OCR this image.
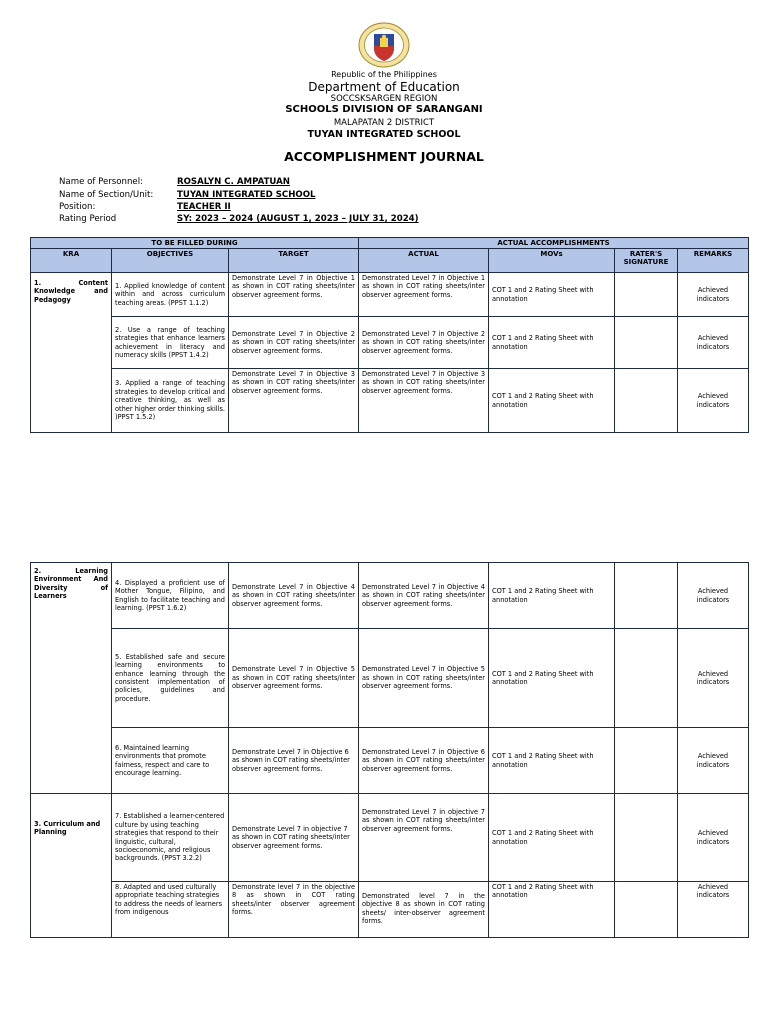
Republic of the Philippines
Department of Education
SOCCSKSARGEN REGION
SCHOOLS DIVISION OF SARANGANI
MALAPATAN 2 DISTRICT
TUYAN INTEGRATED SCHOOL
ACCOMPLISHMENT JOURNAL
Name of Personnel:	ROSALYN C. AMPATUAN
Name of Section/Unit:	TUYAN INTEGRATED SCHOOL
Position:	TEACHER II
Rating Period	SY: 2023 – 2024 (AUGUST 1, 2023 – JULY 31, 2024)
TO BE FILLED DURING			ACTUAL ACCOMPLISHMENTS			
KRA	OBJECTIVES	TARGET	ACTUAL	MOVs	RATER'S SIGNATURE	REMARKS
1. Content Knowledge and Pedagogy	1. Applied knowledge of content within and across curriculum teaching areas. (PPST 1.1.2)	Demonstrate Level 7 in Objective 1 as shown in COT rating sheets/inter observer agreement forms.	Demonstrated Level 7 in Objective 1 as shown in COT rating sheets/inter observer agreement forms.	COT 1 and 2 Rating Sheet with annotation		Achieved indicators
	2. Use a range of teaching strategies that enhance learners achievement in literacy and numeracy skills (PPST 1.4.2)	Demonstrate Level 7 in Objective 2 as shown in COT rating sheets/inter observer agreement forms.	Demonstrated Level 7 in Objective 2 as shown in COT rating sheets/inter observer agreement forms.	COT 1 and 2 Rating Sheet with annotation		Achieved indicators
	3. Applied a range of teaching strategies to develop critical and creative thinking, as well as other higher order thinking skills. )PPST 1.5.2)	Demonstrate Level 7 in Objective 3 as shown in COT rating sheets/inter observer agreement forms.	Demonstrated Level 7 in Objective 3 as shown in COT rating sheets/inter observer agreement forms.	COT 1 and 2 Rating Sheet with annotation		Achieved indicators
2. Learning Environment And Diversity of Learners	4. Displayed a proficient use of Mother Tongue, Filipino, and English to facilitate teaching and learning. (PPST 1.6.2)	Demonstrate Level 7 in Objective 4 as shown in COT rating sheets/inter observer agreement forms.	Demonstrated Level 7 in Objective 4 as shown in COT rating sheets/inter observer agreement forms.	COT 1 and 2 Rating Sheet with annotation		Achieved indicators
	5. Established safe and secure learning environments to enhance learning through the consistent implementation of policies, guidelines and procedure.	Demonstrate Level 7 in Objective 5 as shown in COT rating sheets/inter observer agreement forms.	Demonstrated Level 7 in Objective 5 as shown in COT rating sheets/inter observer agreement forms.	COT 1 and 2 Rating Sheet with annotation		Achieved indicators
	6. Maintained learning environments that promote fairness, respect and care to encourage learning.	Demonstrate Level 7 in Objective 6 as shown in COT rating sheets/inter observer agreement forms.	Demonstrated Level 7 in Objective 6 as shown in COT rating sheets/inter observer agreement forms.	COT 1 and 2 Rating Sheet with annotation		Achieved indicators
3. Curriculum and Planning	7. Established a learner-centered culture by using teaching strategies that respond to their linguistic, cultural, socioeconomic, and religious backgrounds. (PPST 3.2.2)	Demonstrate Level 7 in objective 7 as shown in COT rating sheets/inter observer agreement forms.	Demonstrated Level 7 in objective 7 as shown in COT rating sheets/inter observer agreement forms.	COT 1 and 2 Rating Sheet with annotation		Achieved indicators
	8. Adapted and used culturally appropriate teaching strategies to address the needs of learners from indigenous	Demonstrate level 7 in the objective 8 as shown in COT rating sheets/inter observer agreement forms.	Demonstrated level 7 in the objective 8 as shown in COT rating sheets/ inter-observer agreement forms.	COT 1 and 2 Rating Sheet with annotation		Achieved indicators
